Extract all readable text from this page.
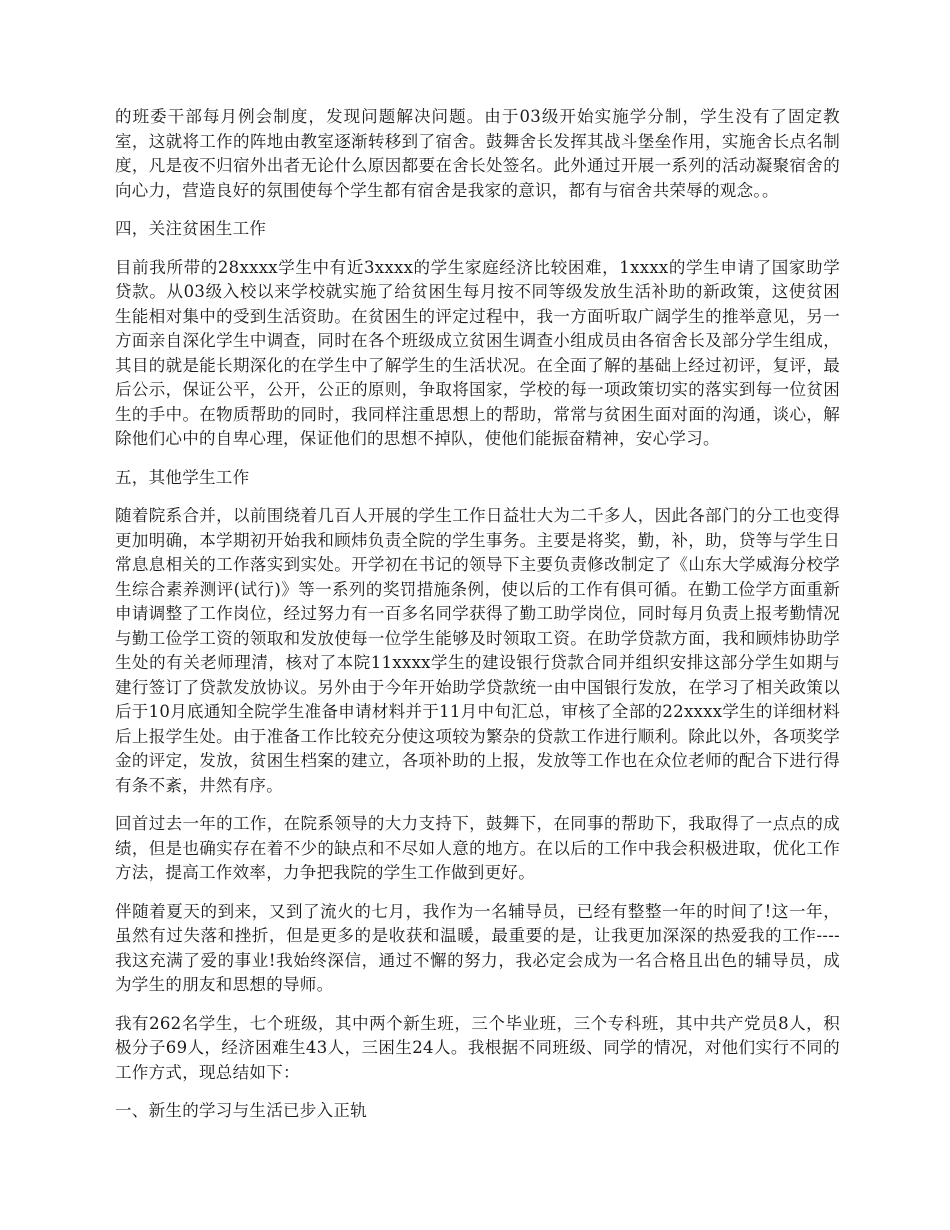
的班委干部每月例会制度，发现问题解决问题。由于03级开始实施学分制，学生没有了固定教室，这就将工作的阵地由教室逐渐转移到了宿舍。鼓舞舍长发挥其战斗堡垒作用，实施舍长点名制度，凡是夜不归宿外出者无论什么原因都要在舍长处签名。此外通过开展一系列的活动凝聚宿舍的向心力，营造良好的氛围使每个学生都有宿舍是我家的意识，都有与宿舍共荣辱的观念。。

四，关注贫困生工作

目前我所带的28xxxx学生中有近3xxxx的学生家庭经济比较困难，1xxxx的学生申请了国家助学贷款。从03级入校以来学校就实施了给贫困生每月按不同等级发放生活补助的新政策，这使贫困生能相对集中的受到生活资助。在贫困生的评定过程中，我一方面听取广阔学生的推举意见，另一方面亲自深化学生中调查，同时在各个班级成立贫困生调查小组成员由各宿舍长及部分学生组成，其目的就是能长期深化的在学生中了解学生的生活状况。在全面了解的基础上经过初评，复评，最后公示，保证公平，公开，公正的原则，争取将国家，学校的每一项政策切实的落实到每一位贫困生的手中。在物质帮助的同时，我同样注重思想上的帮助，常常与贫困生面对面的沟通，谈心，解除他们心中的自卑心理，保证他们的思想不掉队，使他们能振奋精神，安心学习。

五，其他学生工作

随着院系合并，以前围绕着几百人开展的学生工作日益壮大为二千多人，因此各部门的分工也变得更加明确，本学期初开始我和顾炜负责全院的学生事务。主要是将奖，勤，补，助，贷等与学生日常息息相关的工作落实到实处。开学初在书记的领导下主要负责修改制定了《山东大学威海分校学生综合素养测评(试行)》等一系列的奖罚措施条例，使以后的工作有俱可循。在勤工俭学方面重新申请调整了工作岗位，经过努力有一百多名同学获得了勤工助学岗位，同时每月负责上报考勤情况与勤工俭学工资的领取和发放使每一位学生能够及时领取工资。在助学贷款方面，我和顾炜协助学生处的有关老师理清，核对了本院11xxxx学生的建设银行贷款合同并组织安排这部分学生如期与建行签订了贷款发放协议。另外由于今年开始助学贷款统一由中国银行发放，在学习了相关政策以后于10月底通知全院学生准备申请材料并于11月中旬汇总，审核了全部的22xxxx学生的详细材料后上报学生处。由于准备工作比较充分使这项较为繁杂的贷款工作进行顺利。除此以外，各项奖学金的评定，发放，贫困生档案的建立，各项补助的上报，发放等工作也在众位老师的配合下进行得有条不紊，井然有序。

回首过去一年的工作，在院系领导的大力支持下，鼓舞下，在同事的帮助下，我取得了一点点的成绩，但是也确实存在着不少的缺点和不尽如人意的地方。在以后的工作中我会积极进取，优化工作方法，提高工作效率，力争把我院的学生工作做到更好。

伴随着夏天的到来，又到了流火的七月，我作为一名辅导员，已经有整整一年的时间了!这一年，虽然有过失落和挫折，但是更多的是收获和温暖，最重要的是，让我更加深深的热爱我的工作----我这充满了爱的事业!我始终深信，通过不懈的努力，我必定会成为一名合格且出色的辅导员，成为学生的朋友和思想的导师。

我有262名学生，七个班级，其中两个新生班，三个毕业班，三个专科班，其中共产党员8人，积极分子69人，经济困难生43人，三困生24人。我根据不同班级、同学的情况，对他们实行不同的工作方式，现总结如下：

一、新生的学习与生活已步入正轨
